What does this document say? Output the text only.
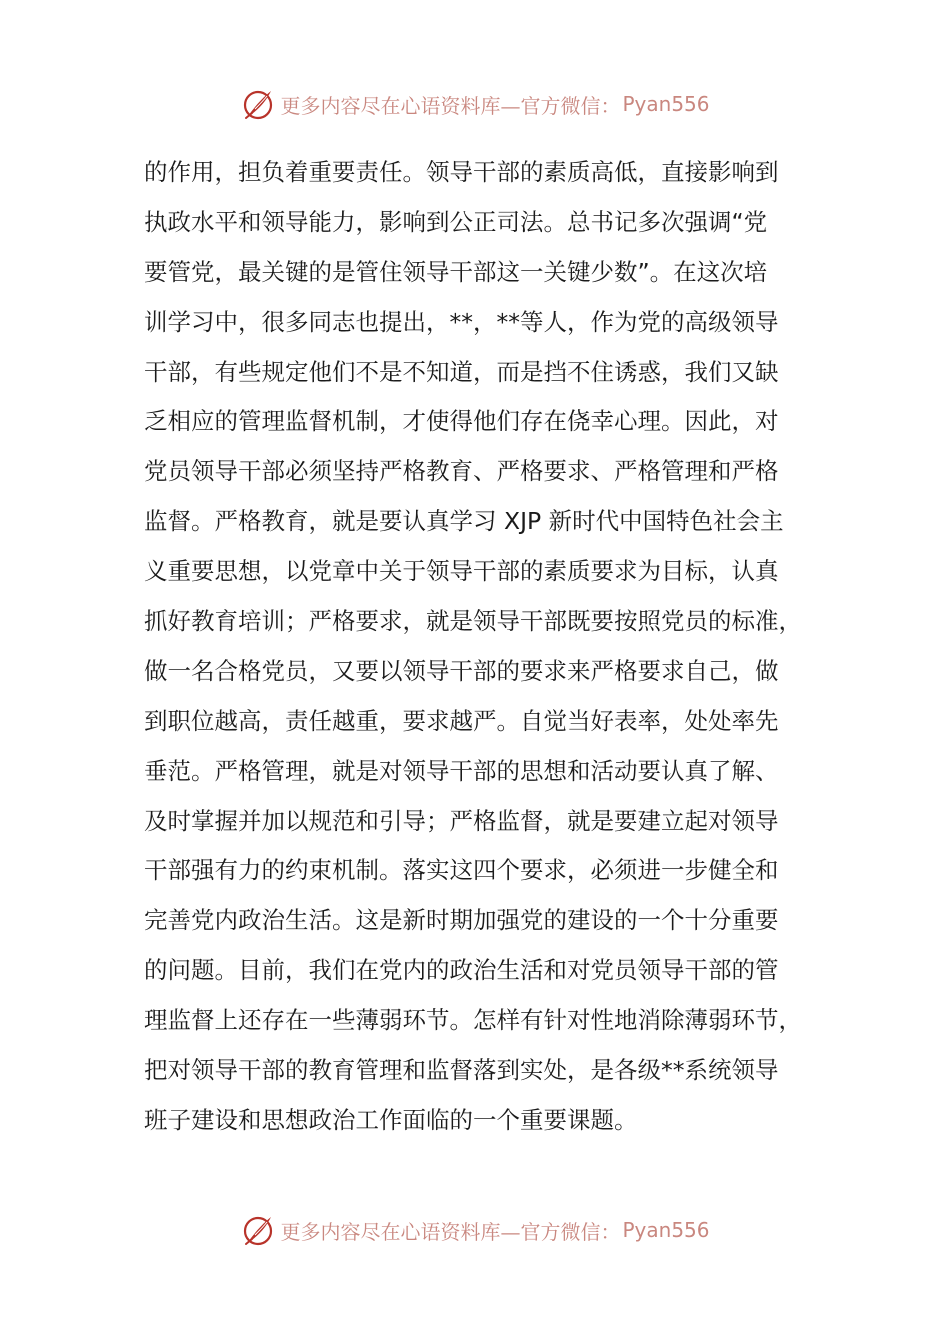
更多内容尽在心语资料库—官方微信： Pyan556
的作用，担负着重要责任。领导干部的素质高低，直接影响到
执政水平和领导能力，影响到公正司法。总书记多次强调“党
要管党，最关键的是管住领导干部这一关键少数”。在这次培
训学习中，很多同志也提出，**，**等人，作为党的高级领导
干部，有些规定他们不是不知道，而是挡不住诱惑，我们又缺
乏相应的管理监督机制，才使得他们存在侥幸心理。因此，对
党员领导干部必须坚持严格教育、严格要求、严格管理和严格
监督。严格教育，就是要认真学习 XJP 新时代中国特色社会主
义重要思想，以党章中关于领导干部的素质要求为目标，认真
抓好教育培训；严格要求，就是领导干部既要按照党员的标准，
做一名合格党员，又要以领导干部的要求来严格要求自己，做
到职位越高，责任越重，要求越严。自觉当好表率，处处率先
垂范。严格管理，就是对领导干部的思想和活动要认真了解、
及时掌握并加以规范和引导；严格监督，就是要建立起对领导
干部强有力的约束机制。落实这四个要求，必须进一步健全和
完善党内政治生活。这是新时期加强党的建设的一个十分重要
的问题。目前，我们在党内的政治生活和对党员领导干部的管
理监督上还存在一些薄弱环节。怎样有针对性地消除薄弱环节，
把对领导干部的教育管理和监督落到实处，是各级**系统领导
班子建设和思想政治工作面临的一个重要课题。
更多内容尽在心语资料库—官方微信： Pyan556
